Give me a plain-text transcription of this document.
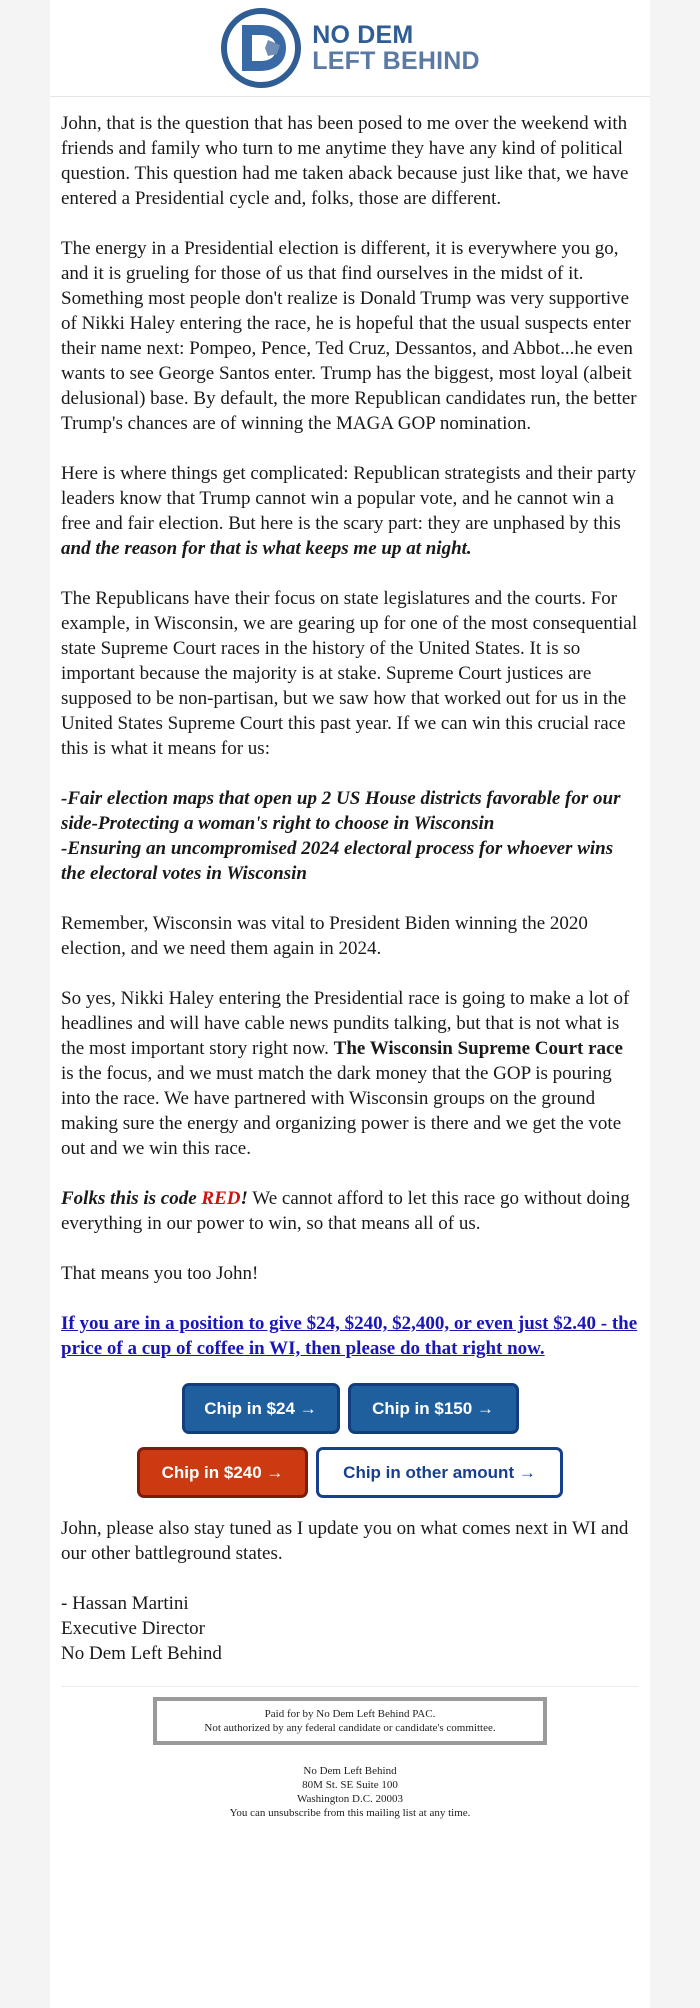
NO DEM
LEFT BEHIND

John, that is the question that has been posed to me over the weekend with friends and family who turn to me anytime they have any kind of political question. This question had me taken aback because just like that, we have entered a Presidential cycle and, folks, those are different.

The energy in a Presidential election is different, it is everywhere you go, and it is grueling for those of us that find ourselves in the midst of it. Something most people don't realize is Donald Trump was very supportive of Nikki Haley entering the race, he is hopeful that the usual suspects enter their name next: Pompeo, Pence, Ted Cruz, Dessantos, and Abbot...he even wants to see George Santos enter. Trump has the biggest, most loyal (albeit delusional) base. By default, the more Republican candidates run, the better Trump's chances are of winning the MAGA GOP nomination.

Here is where things get complicated: Republican strategists and their party leaders know that Trump cannot win a popular vote, and he cannot win a free and fair election. But here is the scary part: they are unphased by this and the reason for that is what keeps me up at night.

The Republicans have their focus on state legislatures and the courts. For example, in Wisconsin, we are gearing up for one of the most consequential state Supreme Court races in the history of the United States. It is so important because the majority is at stake. Supreme Court justices are supposed to be non-partisan, but we saw how that worked out for us in the United States Supreme Court this past year. If we can win this crucial race this is what it means for us:

-Fair election maps that open up 2 US House districts favorable for our side-Protecting a woman's right to choose in Wisconsin
-Ensuring an uncompromised 2024 electoral process for whoever wins the electoral votes in Wisconsin

Remember, Wisconsin was vital to President Biden winning the 2020 election, and we need them again in 2024.

So yes, Nikki Haley entering the Presidential race is going to make a lot of headlines and will have cable news pundits talking, but that is not what is the most important story right now. The Wisconsin Supreme Court race is the focus, and we must match the dark money that the GOP is pouring into the race. We have partnered with Wisconsin groups on the ground making sure the energy and organizing power is there and we get the vote out and we win this race.

Folks this is code RED! We cannot afford to let this race go without doing everything in our power to win, so that means all of us.

That means you too John!

If you are in a position to give $24, $240, $2,400, or even just $2.40 - the price of a cup of coffee in WI, then please do that right now.

Chip in $24 →	Chip in $150 →
Chip in $240 →	Chip in other amount →

John, please also stay tuned as I update you on what comes next in WI and our other battleground states.

- Hassan Martini
Executive Director
No Dem Left Behind

Paid for by No Dem Left Behind PAC.
Not authorized by any federal candidate or candidate's committee.
No Dem Left Behind
80M St. SE Suite 100
Washington D.C. 20003
You can unsubscribe from this mailing list at any time.
